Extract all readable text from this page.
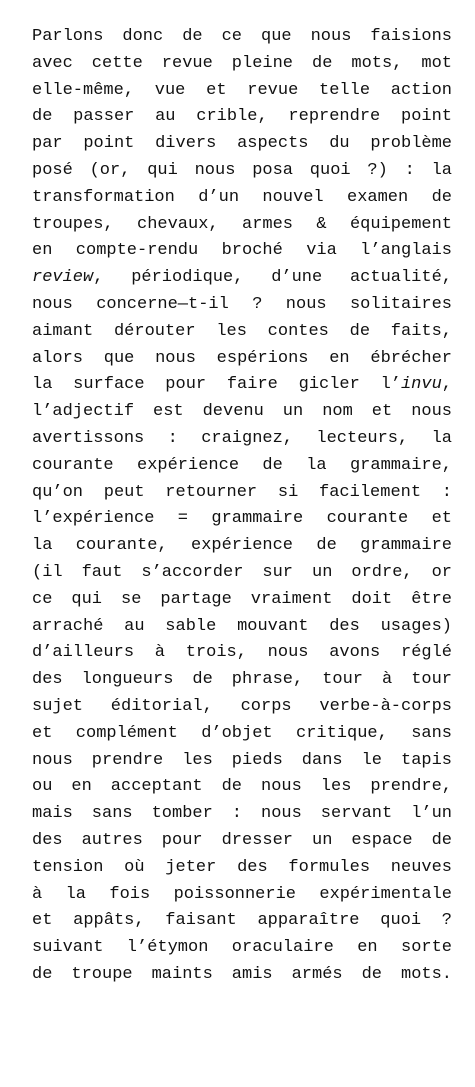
Parlons donc de ce que nous faisions
avec cette revue pleine de mots, mot
elle-même, vue et revue telle action
de passer au crible, reprendre point
par point divers aspects du problème
posé (or, qui nous posa quoi ?) : la
transformation d’un nouvel examen de
troupes, chevaux, armes & équipement
en compte-rendu broché via l’anglais
review, périodique, d’une actualité,
nous concerne—t-il ? nous solitaires
aimant dérouter les contes de faits,
alors que nous espérions en ébrécher
la surface pour faire gicler l’invu,
l’adjectif est devenu un nom et nous
avertissons : craignez, lecteurs, la
courante expérience de la grammaire,
qu’on peut retourner si facilement :
l’expérience = grammaire courante et
la courante, expérience de grammaire
(il faut s’accorder sur un ordre, or
ce qui se partage vraiment doit être
arraché au sable mouvant des usages)
d’ailleurs à trois, nous avons réglé
des longueurs de phrase, tour à tour
sujet éditorial, corps verbe-à-corps
et complément d’objet critique, sans
nous prendre les pieds dans le tapis
ou en acceptant de nous les prendre,
mais sans tomber : nous servant l’un
des autres pour dresser un espace de
tension où jeter des formules neuves
à la fois poissonnerie expérimentale
et appâts, faisant apparaître quoi ?
suivant l’étymon oraculaire en sorte
de troupe maints amis armés de mots.
